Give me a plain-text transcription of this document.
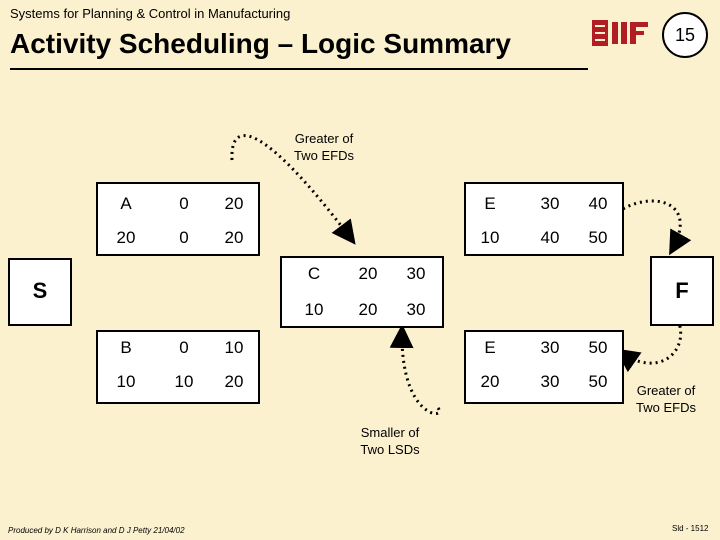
Systems for Planning & Control in Manufacturing
Activity Scheduling – Logic Summary	15
S
A	0	20
20	0	20
B	0	10
10	10	20
C	20	30
10	20	30
E	30	40
10	40	50
E	30	50
20	30	50
F
Greater of
Two EFDs
Greater of
Two EFDs
Smaller of
Two LSDs
Produced by D K Harrison and D J Petty 21/04/02	Sld - 1512
